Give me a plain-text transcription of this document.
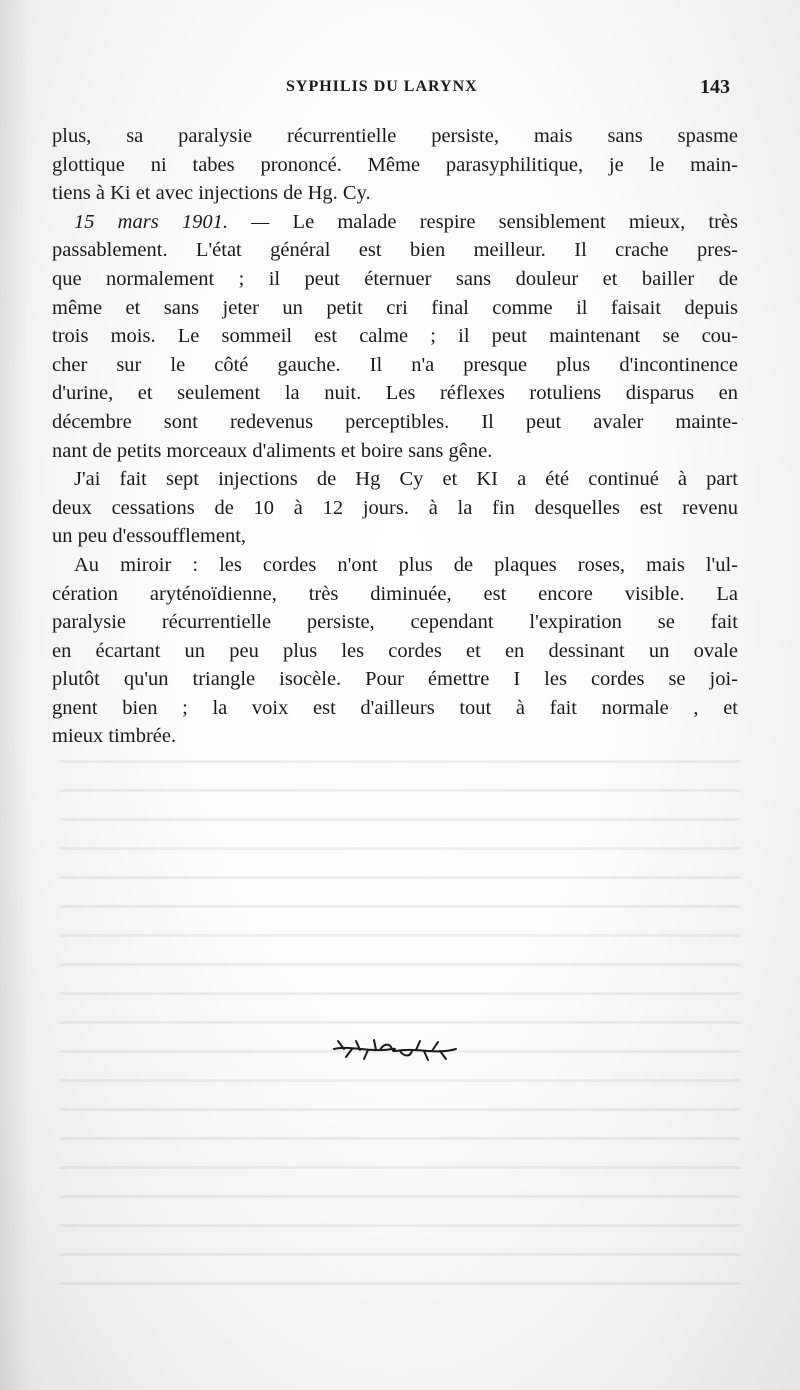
SYPHILIS DU LARYNX	143
plus, sa paralysie récurrentielle persiste, mais sans spasme
glottique ni tabes prononcé. Même parasyphilitique, je le main-
tiens à Ki et avec injections de Hg. Cy.
15 mars 1901. — Le malade respire sensiblement mieux, très
passablement. L'état général est bien meilleur. Il crache pres-
que normalement ; il peut éternuer sans douleur et bailler de
même et sans jeter un petit cri final comme il faisait depuis
trois mois. Le sommeil est calme ; il peut maintenant se cou-
cher sur le côté gauche. Il n'a presque plus d'incontinence
d'urine, et seulement la nuit. Les réflexes rotuliens disparus en
décembre sont redevenus perceptibles. Il peut avaler mainte-
nant de petits morceaux d'aliments et boire sans gêne.
J'ai fait sept injections de Hg Cy et KI a été continué à part
deux cessations de 10 à 12 jours. à la fin desquelles est revenu
un peu d'essoufflement,
Au miroir : les cordes n'ont plus de plaques roses, mais l'ul-
cération aryténoïdienne, très diminuée, est encore visible. La
paralysie récurrentielle persiste, cependant l'expiration se fait
en écartant un peu plus les cordes et en dessinant un ovale
plutôt qu'un triangle isocèle. Pour émettre I les cordes se joi-
gnent bien ; la voix est d'ailleurs tout à fait normale , et
mieux timbrée.
